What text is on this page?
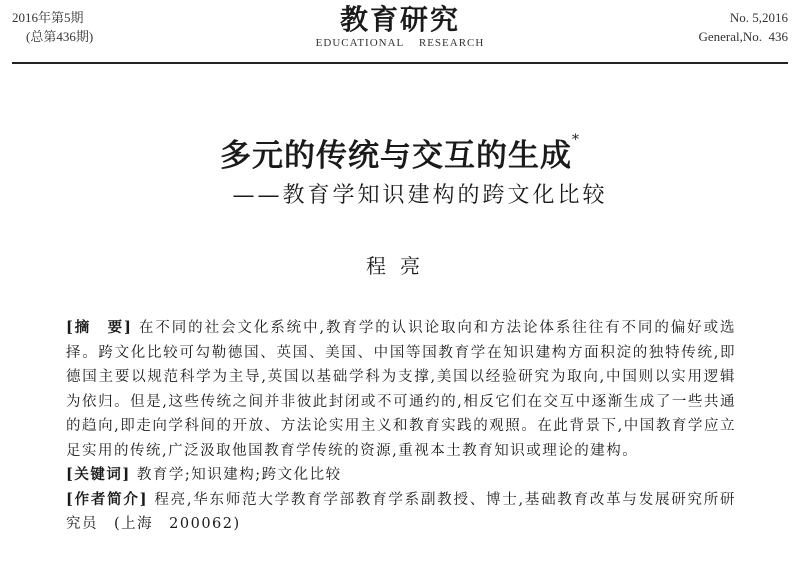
2016年第5期
(总第436期)
教育研究
EDUCATIONAL    RESEARCH
No. 5,2016
General,No.  436
多元的传统与交互的生成*
——教育学知识建构的跨文化比较
程亮

[摘　要] 在不同的社会文化系统中,教育学的认识论取向和方法论体系往往有不同的偏好或选择。跨文化比较可勾勒德国、英国、美国、中国等国教育学在知识建构方面积淀的独特传统,即德国主要以规范科学为主导,英国以基础学科为支撑,美国以经验研究为取向,中国则以实用逻辑为依归。但是,这些传统之间并非彼此封闭或不可通约的,相反它们在交互中逐渐生成了一些共通的趋向,即走向学科间的开放、方法论实用主义和教育实践的观照。在此背景下,中国教育学应立足实用的传统,广泛汲取他国教育学传统的资源,重视本土教育知识或理论的建构。

[关键词] 教育学;知识建构;跨文化比较

[作者简介] 程亮,华东师范大学教育学部教育学系副教授、博士,基础教育改革与发展研究所研究员　(上海　200062)
